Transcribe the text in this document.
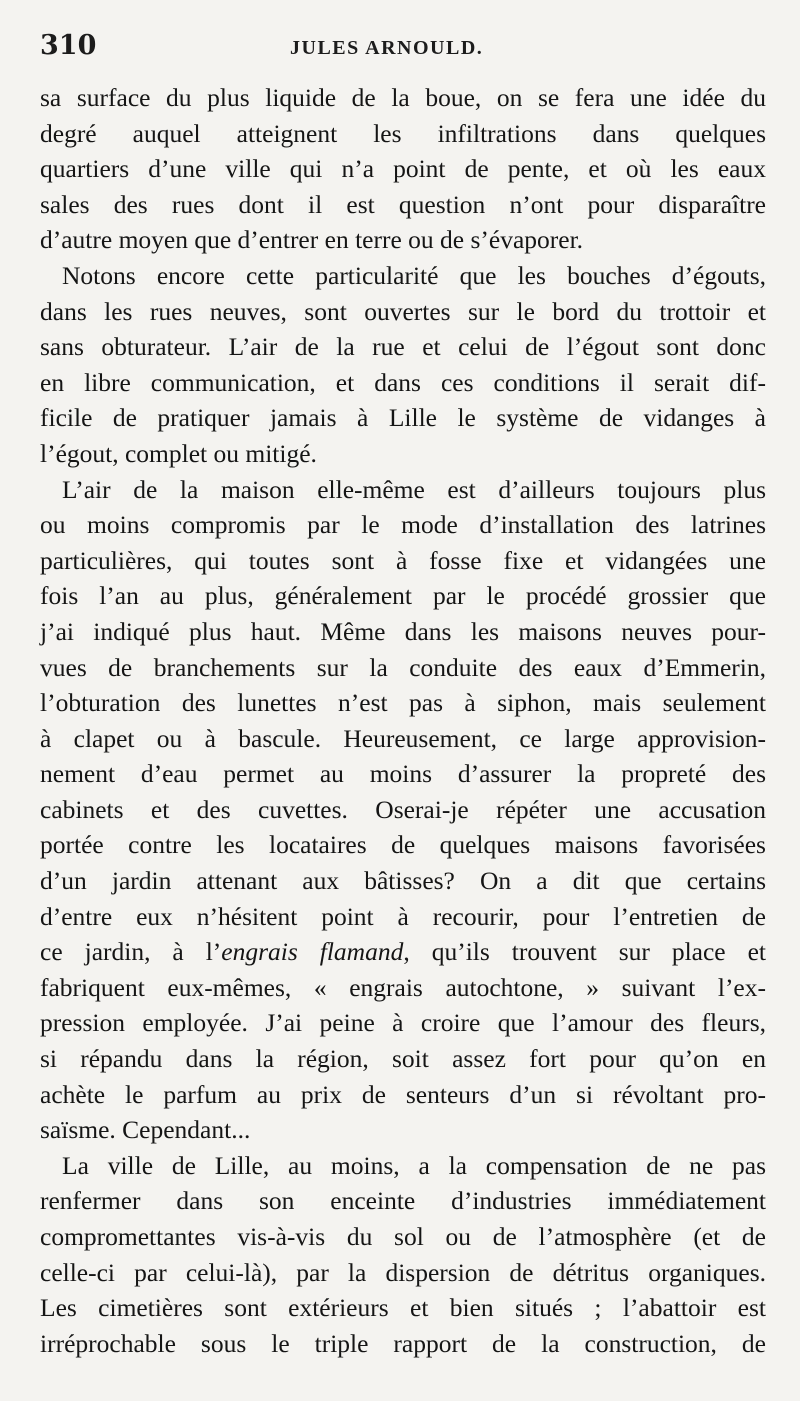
310	JULES ARNOULD.
sa surface du plus liquide de la boue, on se fera une idée du
degré auquel atteignent les infiltrations dans quelques
quartiers d’une ville qui n’a point de pente, et où les eaux
sales des rues dont il est question n’ont pour disparaître
d’autre moyen que d’entrer en terre ou de s’évaporer.
Notons encore cette particularité que les bouches d’égouts,
dans les rues neuves, sont ouvertes sur le bord du trottoir et
sans obturateur. L’air de la rue et celui de l’égout sont donc
en libre communication, et dans ces conditions il serait dif-
ficile de pratiquer jamais à Lille le système de vidanges à
l’égout, complet ou mitigé.
L’air de la maison elle-même est d’ailleurs toujours plus
ou moins compromis par le mode d’installation des latrines
particulières, qui toutes sont à fosse fixe et vidangées une
fois l’an au plus, généralement par le procédé grossier que
j’ai indiqué plus haut. Même dans les maisons neuves pour-
vues de branchements sur la conduite des eaux d’Emmerin,
l’obturation des lunettes n’est pas à siphon, mais seulement
à clapet ou à bascule. Heureusement, ce large approvision-
nement d’eau permet au moins d’assurer la propreté des
cabinets et des cuvettes. Oserai-je répéter une accusation
portée contre les locataires de quelques maisons favorisées
d’un jardin attenant aux bâtisses? On a dit que certains
d’entre eux n’hésitent point à recourir, pour l’entretien de
ce jardin, à l’engrais flamand, qu’ils trouvent sur place et
fabriquent eux-mêmes, « engrais autochtone, » suivant l’ex-
pression employée. J’ai peine à croire que l’amour des fleurs,
si répandu dans la région, soit assez fort pour qu’on en
achète le parfum au prix de senteurs d’un si révoltant pro-
saïsme. Cependant...
La ville de Lille, au moins, a la compensation de ne pas
renfermer dans son enceinte d’industries immédiatement
compromettantes vis-à-vis du sol ou de l’atmosphère (et de
celle-ci par celui-là), par la dispersion de détritus organiques.
Les cimetières sont extérieurs et bien situés ; l’abattoir est
irréprochable sous le triple rapport de la construction, de
